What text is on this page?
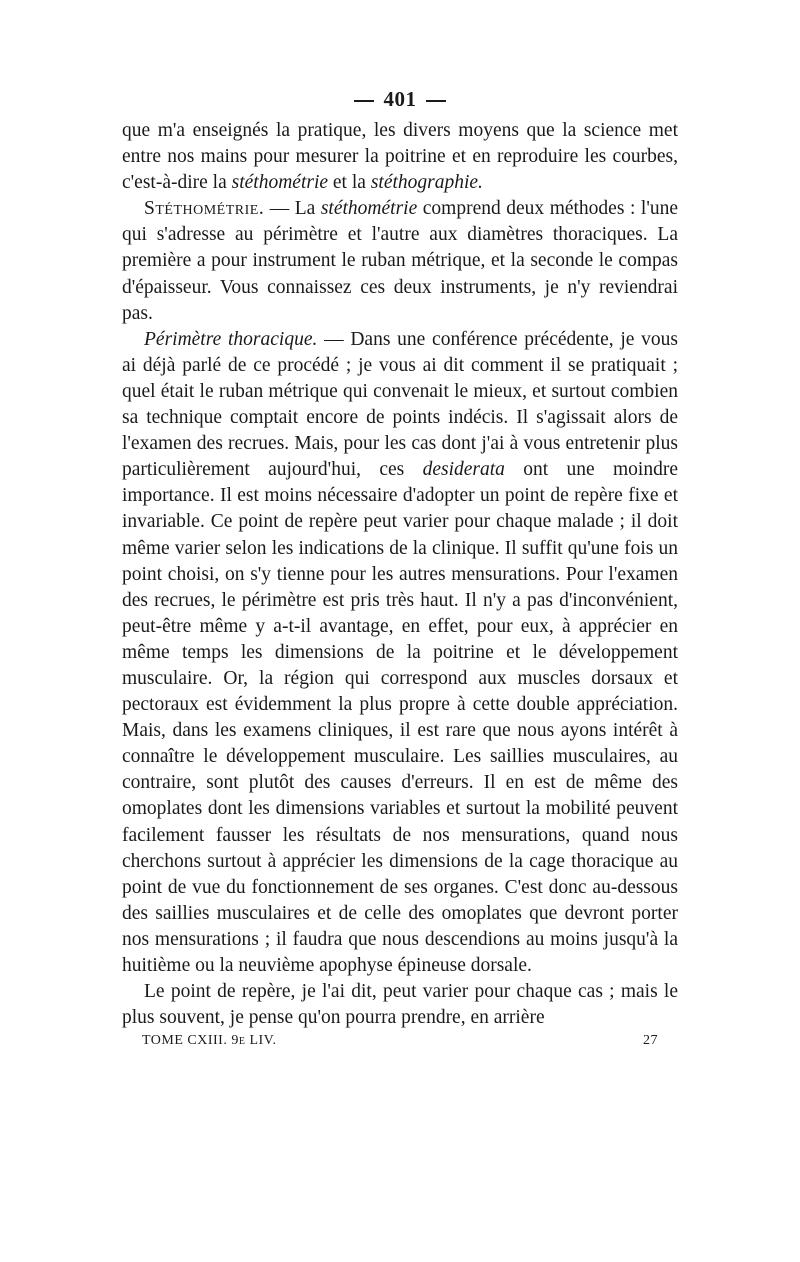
401

que m'a enseignés la pratique, les divers moyens que la science met entre nos mains pour mesurer la poitrine et en reproduire les courbes, c'est-à-dire la stéthométrie et la stéthographie.

Stéthométrie. — La stéthométrie comprend deux méthodes : l'une qui s'adresse au périmètre et l'autre aux diamètres thoraciques. La première a pour instrument le ruban métrique, et la seconde le compas d'épaisseur. Vous connaissez ces deux instruments, je n'y reviendrai pas.

Périmètre thoracique. — Dans une conférence précédente, je vous ai déjà parlé de ce procédé ; je vous ai dit comment il se pratiquait ; quel était le ruban métrique qui convenait le mieux, et surtout combien sa technique comptait encore de points indécis. Il s'agissait alors de l'examen des recrues. Mais, pour les cas dont j'ai à vous entretenir plus particulièrement aujourd'hui, ces desiderata ont une moindre importance. Il est moins nécessaire d'adopter un point de repère fixe et invariable. Ce point de repère peut varier pour chaque malade ; il doit même varier selon les indications de la clinique. Il suffit qu'une fois un point choisi, on s'y tienne pour les autres mensurations. Pour l'examen des recrues, le périmètre est pris très haut. Il n'y a pas d'inconvénient, peut-être même y a-t-il avantage, en effet, pour eux, à apprécier en même temps les dimensions de la poitrine et le développement musculaire. Or, la région qui correspond aux muscles dorsaux et pectoraux est évidemment la plus propre à cette double appréciation. Mais, dans les examens cliniques, il est rare que nous ayons intérêt à connaître le développement musculaire. Les saillies musculaires, au contraire, sont plutôt des causes d'erreurs. Il en est de même des omoplates dont les dimensions variables et surtout la mobilité peuvent facilement fausser les résultats de nos mensurations, quand nous cherchons surtout à apprécier les dimensions de la cage thoracique au point de vue du fonctionnement de ses organes. C'est donc au-dessous des saillies musculaires et de celle des omoplates que devront porter nos mensurations ; il faudra que nous descendions au moins jusqu'à la huitième ou la neuvième apophyse épineuse dorsale.

Le point de repère, je l'ai dit, peut varier pour chaque cas ; mais le plus souvent, je pense qu'on pourra prendre, en arrière

TOME CXIII. 9e LIV.	27
